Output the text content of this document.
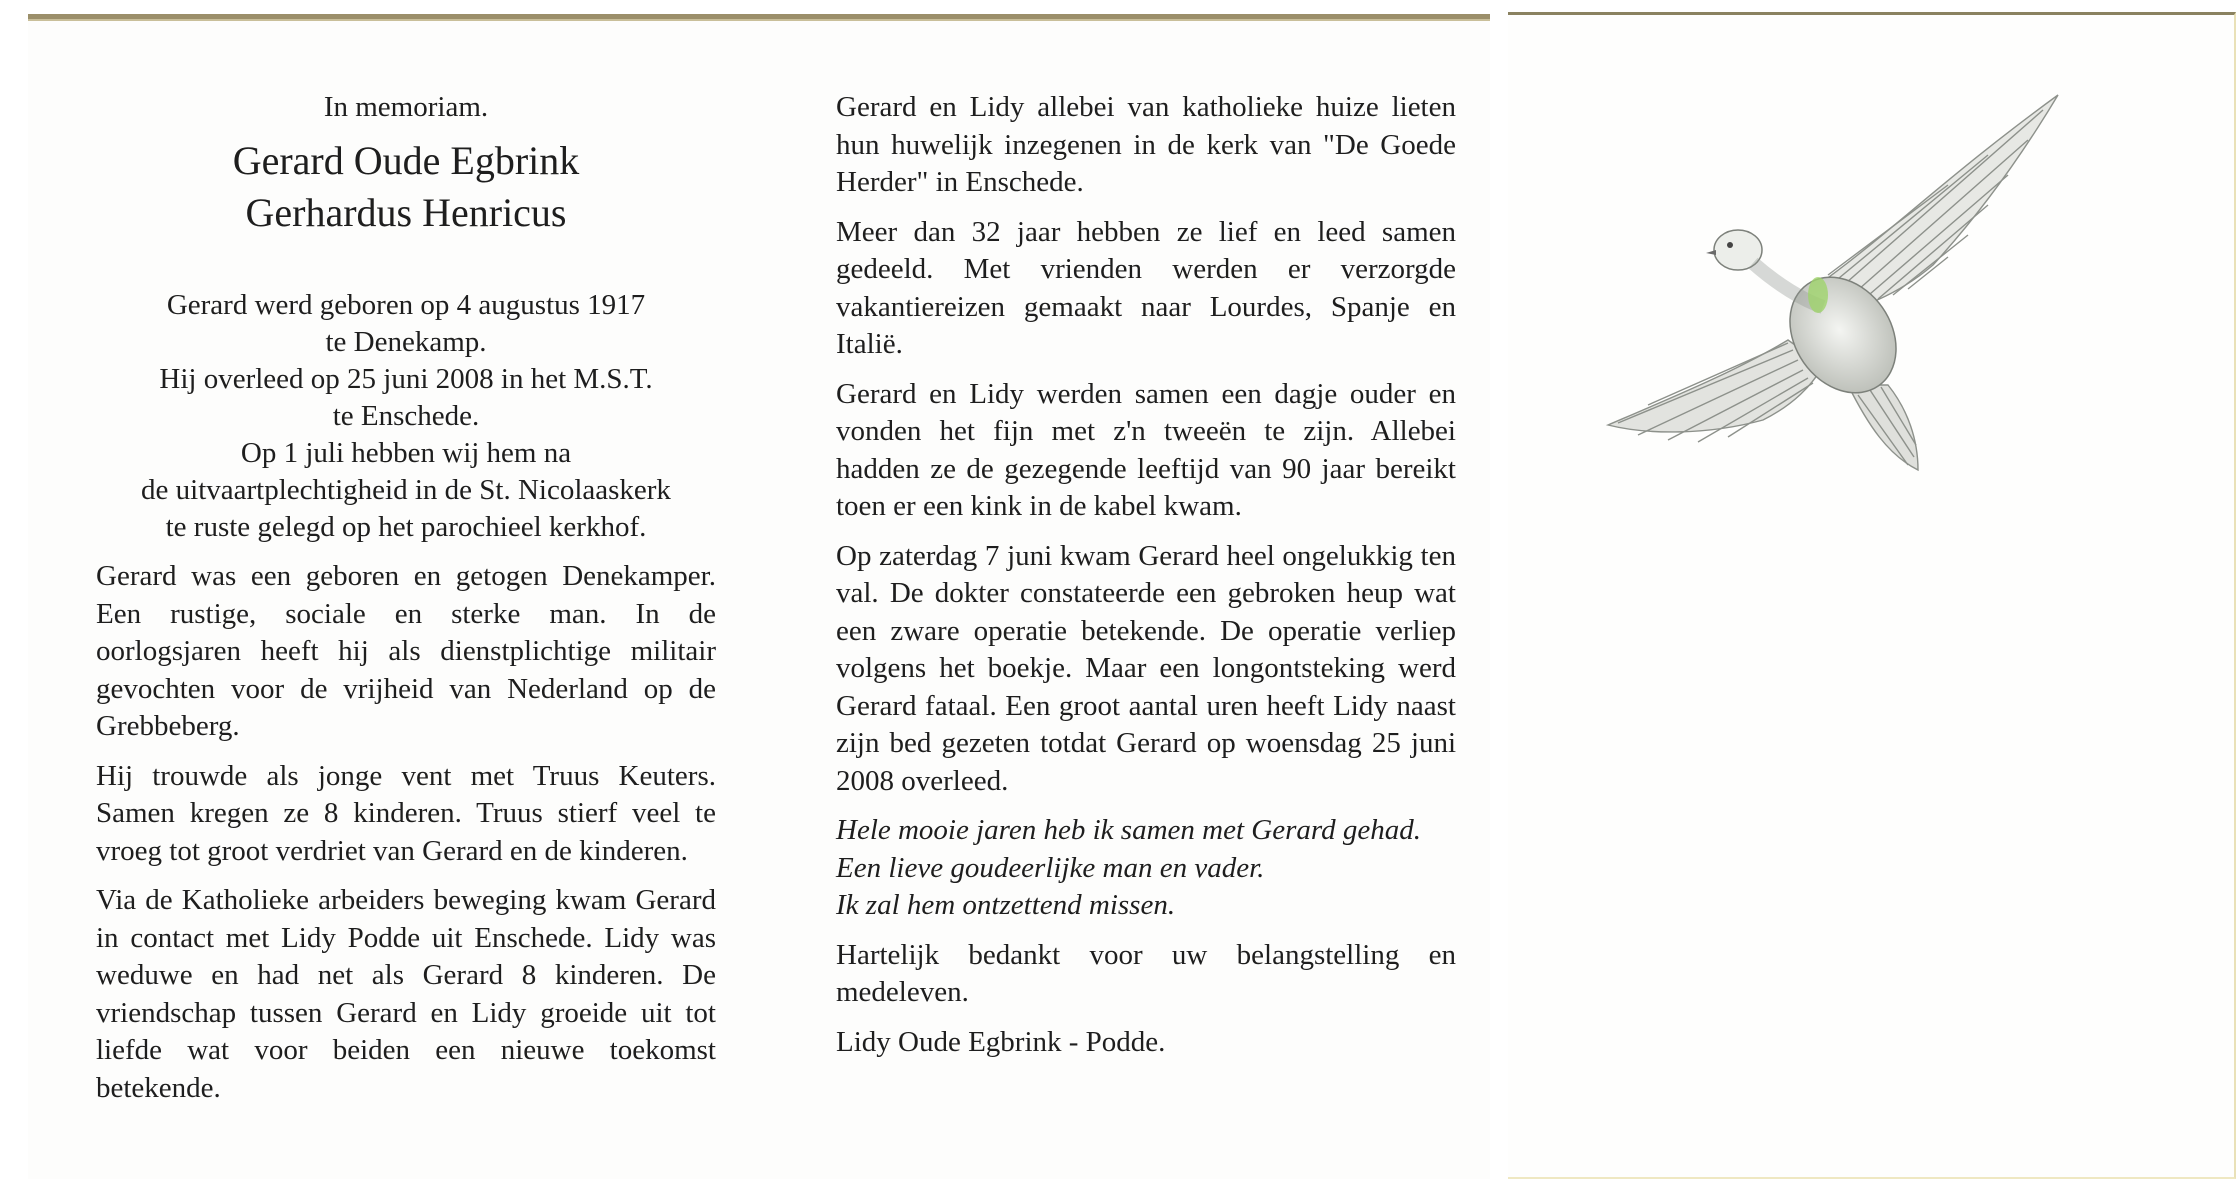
In memoriam.
Gerard Oude Egbrink
Gerhardus Henricus
Gerard werd geboren op 4 augustus 1917
te Denekamp.
Hij overleed op 25 juni 2008 in het M.S.T.
te Enschede.
Op 1 juli hebben wij hem na
de uitvaartplechtigheid in de St. Nicolaaskerk
te ruste gelegd op het parochieel kerkhof.

Gerard was een geboren en getogen Denekamper. Een rustige, sociale en sterke man. In de oorlogsjaren heeft hij als dienstplichtige militair gevochten voor de vrijheid van Nederland op de Grebbeberg.

Hij trouwde als jonge vent met Truus Keuters. Samen kregen ze 8 kinderen. Truus stierf veel te vroeg tot groot verdriet van Gerard en de kinderen.

Via de Katholieke arbeiders beweging kwam Gerard in contact met Lidy Podde uit Enschede. Lidy was weduwe en had net als Gerard 8 kinderen. De vriendschap tussen Gerard en Lidy groeide uit tot liefde wat voor beiden een nieuwe toekomst betekende.

Gerard en Lidy allebei van katholieke huize lieten hun huwelijk inzegenen in de kerk van "De Goede Herder" in Enschede.

Meer dan 32 jaar hebben ze lief en leed samen gedeeld. Met vrienden werden er verzorgde vakantiereizen gemaakt naar Lourdes, Spanje en Italië.

Gerard en Lidy werden samen een dagje ouder en vonden het fijn met z'n tweeën te zijn. Allebei hadden ze de gezegende leeftijd van 90 jaar bereikt toen er een kink in de kabel kwam.

Op zaterdag 7 juni kwam Gerard heel ongelukkig ten val. De dokter constateerde een gebroken heup wat een zware operatie betekende. De operatie verliep volgens het boekje. Maar een longontsteking werd Gerard fataal. Een groot aantal uren heeft Lidy naast zijn bed gezeten totdat Gerard op woensdag 25 juni 2008 overleed.

Hele mooie jaren heb ik samen met Gerard gehad.
Een lieve goudeerlijke man en vader.
Ik zal hem ontzettend missen.

Hartelijk bedankt voor uw belangstelling en medeleven.

Lidy Oude Egbrink - Podde.
